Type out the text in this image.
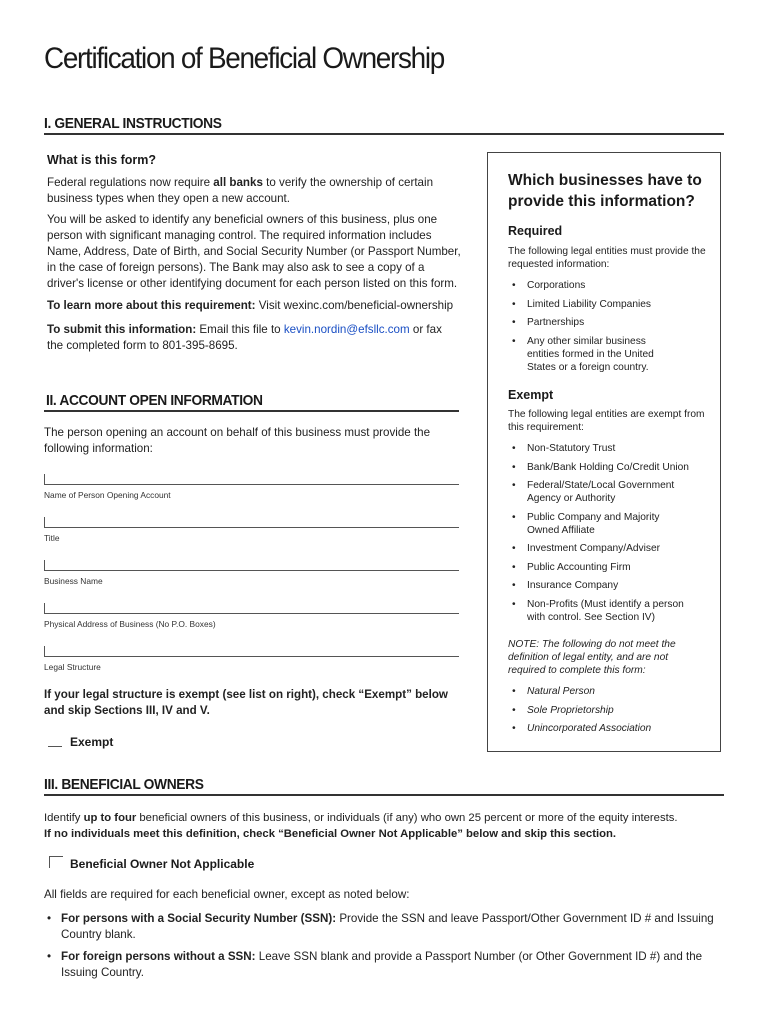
Certification of Beneficial Ownership
I. GENERAL INSTRUCTIONS
What is this form?
Federal regulations now require all banks to verify the ownership of certain business types when they open a new account.
You will be asked to identify any beneficial owners of this business, plus one person with significant managing control. The required information includes Name, Address, Date of Birth, and Social Security Number (or Passport Number, in the case of foreign persons). The Bank may also ask to see a copy of a driver's license or other identifying document for each person listed on this form.
To learn more about this requirement: Visit wexinc.com/beneficial-ownership
To submit this information: Email this file to kevin.nordin@efsllc.com or fax the completed form to 801-395-8695.
Which businesses have to provide this information?
Required
The following legal entities must provide the requested information:
• Corporations
• Limited Liability Companies
• Partnerships
• Any other similar business entities formed in the United States or a foreign country.
Exempt
The following legal entities are exempt from this requirement:
• Non-Statutory Trust
• Bank/Bank Holding Co/Credit Union
• Federal/State/Local Government Agency or Authority
• Public Company and Majority Owned Affiliate
• Investment Company/Adviser
• Public Accounting Firm
• Insurance Company
• Non-Profits (Must identify a person with control. See Section IV)
NOTE: The following do not meet the definition of legal entity, and are not required to complete this form:
• Natural Person
• Sole Proprietorship
• Unincorporated Association
II. ACCOUNT OPEN INFORMATION
The person opening an account on behalf of this business must provide the following information:
Name of Person Opening Account
Title
Business Name
Physical Address of Business (No P.O. Boxes)
Legal Structure
If your legal structure is exempt (see list on right), check “Exempt” below and skip Sections III, IV and V.
Exempt
III. BENEFICIAL OWNERS
Identify up to four beneficial owners of this business, or individuals (if any) who own 25 percent or more of the equity interests.
If no individuals meet this definition, check “Beneficial Owner Not Applicable” below and skip this section.
Beneficial Owner Not Applicable
All fields are required for each beneficial owner, except as noted below:
• For persons with a Social Security Number (SSN): Provide the SSN and leave Passport/Other Government ID # and Issuing Country blank.
• For foreign persons without a SSN: Leave SSN blank and provide a Passport Number (or Other Government ID #) and the Issuing Country.
